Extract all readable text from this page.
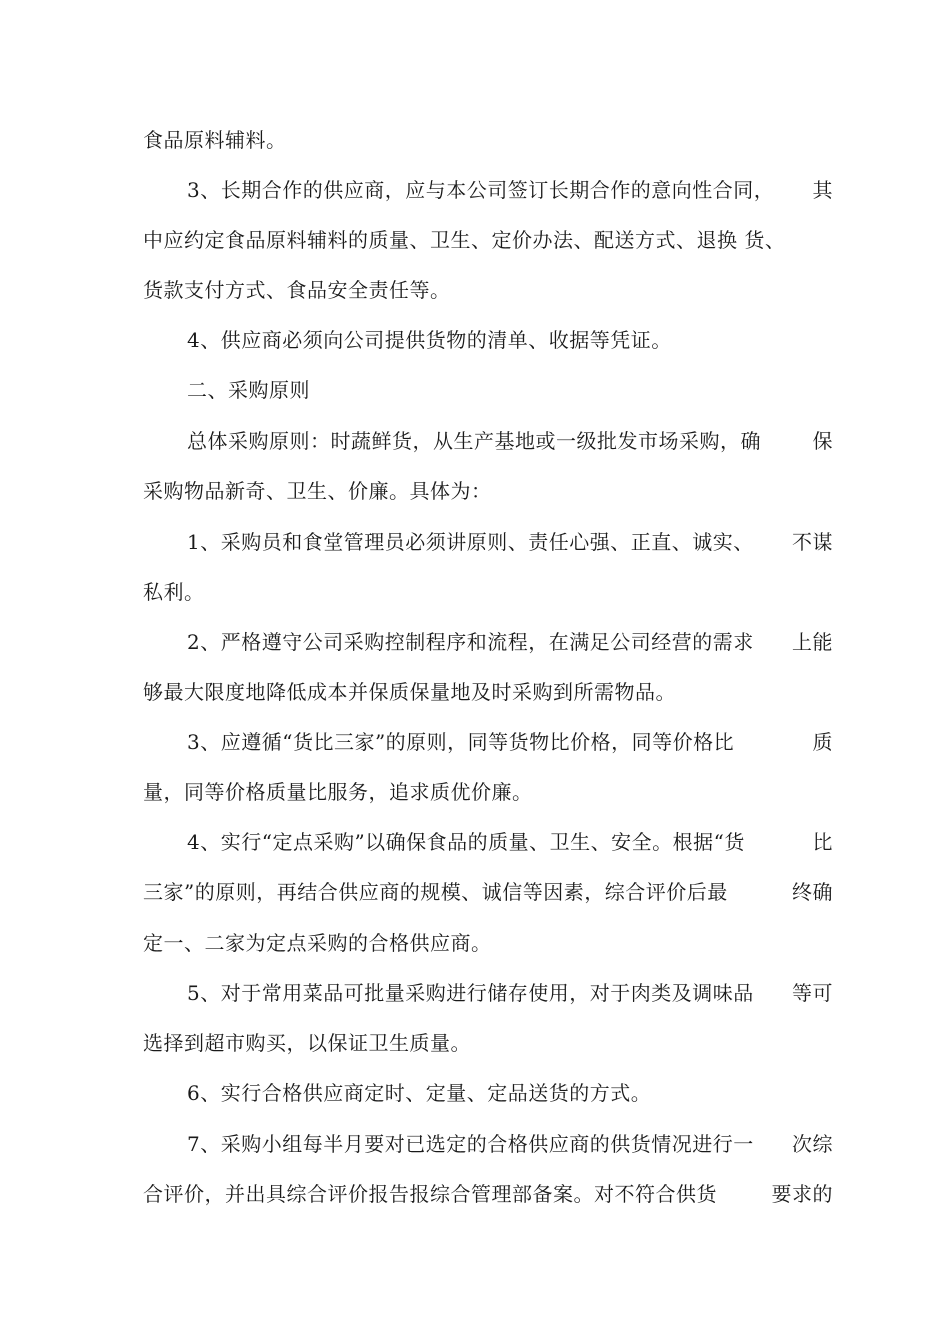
食品原料辅料。
3、长期合作的供应商，应与本公司签订长期合作的意向性合同， 其
中应约定食品原料辅料的质量、卫生、定价办法、配送方式、退换 货、
货款支付方式、食品安全责任等。
4、供应商必须向公司提供货物的清单、收据等凭证。
二、采购原则
总体采购原则：时蔬鲜货，从生产基地或一级批发市场采购，确	保
采购物品新奇、卫生、价廉。具体为：
1、采购员和食堂管理员必须讲原则、责任心强、正直、诚实、 不谋
私利。
2、严格遵守公司采购控制程序和流程，在满足公司经营的需求 上能
够最大限度地降低成本并保质保量地及时采购到所需物品。
3、应遵循“货比三家”的原则，同等货物比价格，同等价格比	质
量，同等价格质量比服务，追求质优价廉。
4、实行“定点采购”以确保食品的质量、卫生、安全。根据“货	比
三家”的原则，再结合供应商的规模、诚信等因素，综合评价后最	终确
定一、二家为定点采购的合格供应商。
5、对于常用菜品可批量采购进行储存使用，对于肉类及调味品 等可
选择到超市购买，以保证卫生质量。
6、实行合格供应商定时、定量、定品送货的方式。
7、采购小组每半月要对已选定的合格供应商的供货情况进行一 次综
合评价，并出具综合评价报告报综合管理部备案。对不符合供货	要求的
